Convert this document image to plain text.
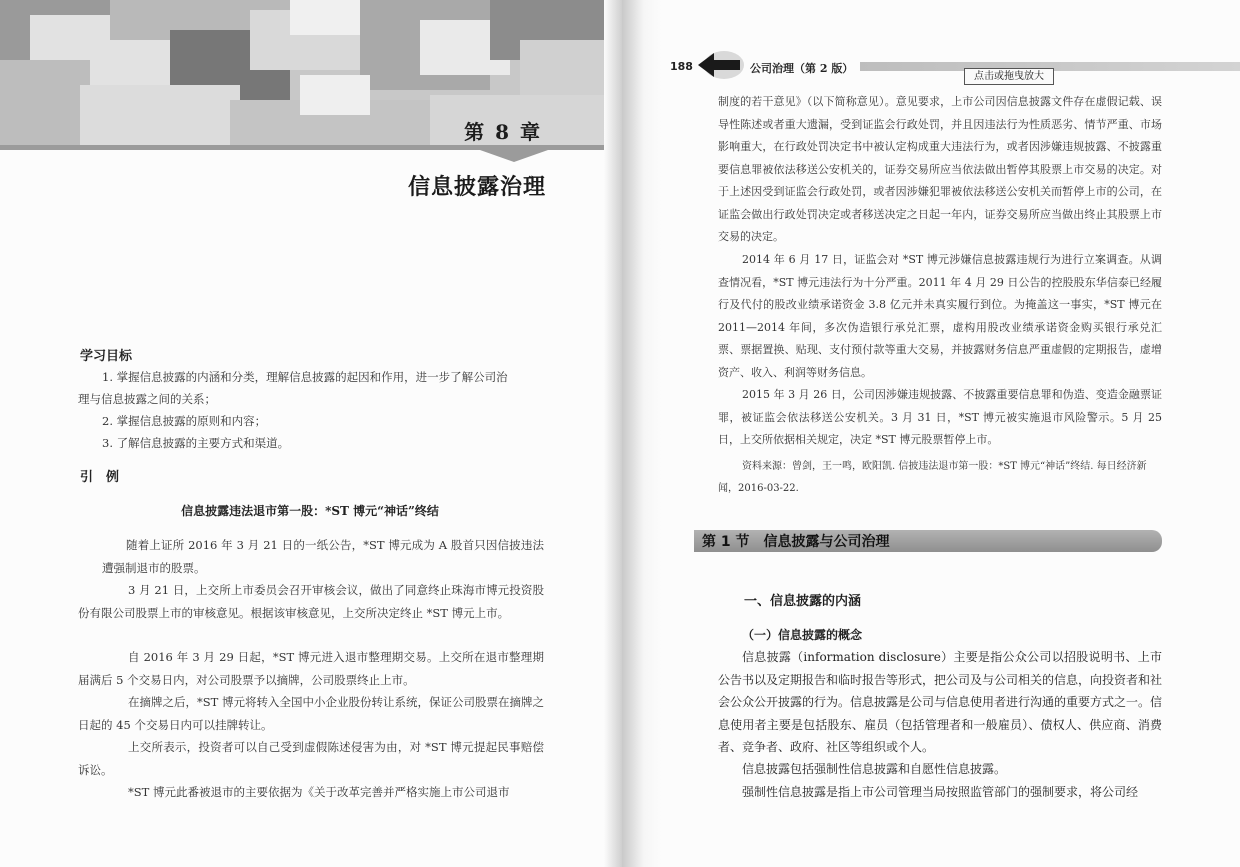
第 8 章
信息披露治理
学习目标
1. 掌握信息披露的内涵和分类，理解信息披露的起因和作用，进一步了解公司治
理与信息披露之间的关系；
2. 掌握信息披露的原则和内容；
3. 了解信息披露的主要方式和渠道。
引　例
信息披露违法退市第一股：*ST 博元“神话”终结
随着上证所 2016 年 3 月 21 日的一纸公告，*ST 博元成为 A 股首只因信披违法遭强制退市的股票。
3 月 21 日，上交所上市委员会召开审核会议，做出了同意终止珠海市博元投资股份有限公司股票上市的审核意见。根据该审核意见，上交所决定终止 *ST 博元上市。
自 2016 年 3 月 29 日起，*ST 博元进入退市整理期交易。上交所在退市整理期届满后 5 个交易日内，对公司股票予以摘牌，公司股票终止上市。
在摘牌之后，*ST 博元将转入全国中小企业股份转让系统，保证公司股票在摘牌之日起的 45 个交易日内可以挂牌转让。
上交所表示，投资者可以自己受到虚假陈述侵害为由，对 *ST 博元提起民事赔偿诉讼。
*ST 博元此番被退市的主要依据为《关于改革完善并严格实施上市公司退市
188	公司治理（第 2 版）
点击或拖曳放大
制度的若干意见》（以下简称意见）。意见要求，上市公司因信息披露文件存在虚假记载、误导性陈述或者重大遗漏，受到证监会行政处罚，并且因违法行为性质恶劣、情节严重、市场影响重大，在行政处罚决定书中被认定构成重大违法行为，或者因涉嫌违规披露、不披露重要信息罪被依法移送公安机关的，证券交易所应当依法做出暂停其股票上市交易的决定。对于上述因受到证监会行政处罚，或者因涉嫌犯罪被依法移送公安机关而暂停上市的公司，在证监会做出行政处罚决定或者移送决定之日起一年内，证券交易所应当做出终止其股票上市交易的决定。
2014 年 6 月 17 日，证监会对 *ST 博元涉嫌信息披露违规行为进行立案调查。从调查情况看，*ST 博元违法行为十分严重。2011 年 4 月 29 日公告的控股股东华信泰已经履行及代付的股改业绩承诺资金 3.8 亿元并未真实履行到位。为掩盖这一事实，*ST 博元在 2011—2014 年间，多次伪造银行承兑汇票，虚构用股改业绩承诺资金购买银行承兑汇票、票据置换、贴现、支付预付款等重大交易，并披露财务信息严重虚假的定期报告，虚增资产、收入、利润等财务信息。
2015 年 3 月 26 日，公司因涉嫌违规披露、不披露重要信息罪和伪造、变造金融票证罪，被证监会依法移送公安机关。3 月 31 日，*ST 博元被实施退市风险警示。5 月 25 日，上交所依据相关规定，决定 *ST 博元股票暂停上市。
资料来源：曾剑，王一鸣，欧阳凯. 信披违法退市第一股：*ST 博元“神话”终结. 每日经济新闻，2016-03-22.
第 1 节　信息披露与公司治理
一、信息披露的内涵
（一）信息披露的概念
信息披露（information disclosure）主要是指公众公司以招股说明书、上市公告书以及定期报告和临时报告等形式，把公司及与公司相关的信息，向投资者和社会公众公开披露的行为。信息披露是公司与信息使用者进行沟通的重要方式之一。信息使用者主要是包括股东、雇员（包括管理者和一般雇员）、债权人、供应商、消费者、竞争者、政府、社区等组织或个人。
信息披露包括强制性信息披露和自愿性信息披露。
强制性信息披露是指上市公司管理当局按照监管部门的强制要求，将公司经
